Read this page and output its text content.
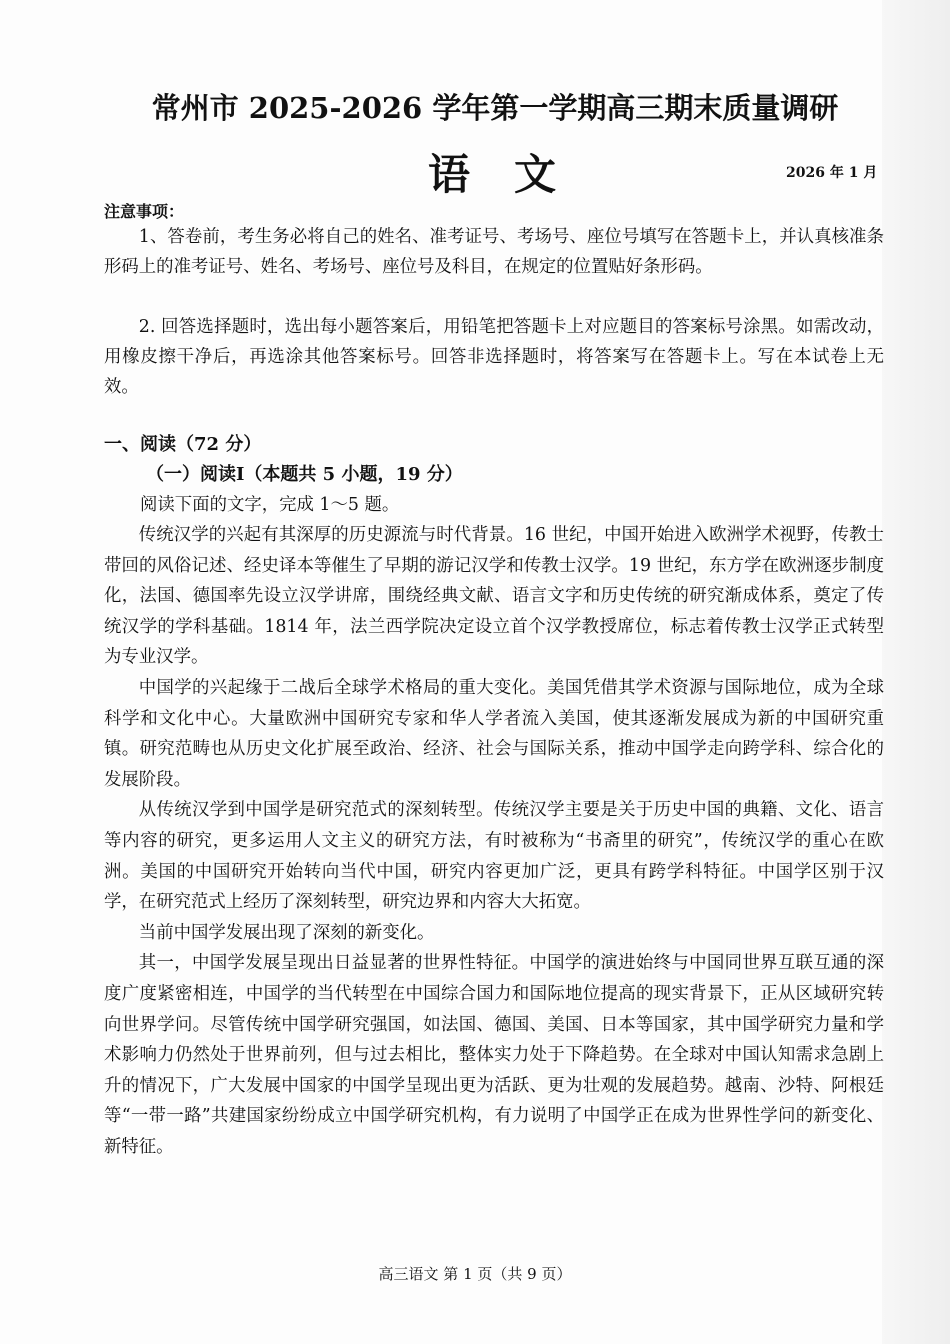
常州市 2025-2026 学年第一学期高三期末质量调研
语文	2026 年 1 月
注意事项：

1、答卷前，考生务必将自己的姓名、准考证号、考场号、座位号填写在答题卡上，并认真核准条形码上的准考证号、姓名、考场号、座位号及科目，在规定的位置贴好条形码。

2. 回答选择题时，选出每小题答案后，用铅笔把答题卡上对应题目的答案标号涂黑。如需改动，用橡皮擦干净后，再选涂其他答案标号。回答非选择题时，将答案写在答题卡上。写在本试卷上无效。

一、阅读（72 分）
（一）阅读Ⅰ（本题共 5 小题，19 分）
阅读下面的文字，完成 1～5 题。

传统汉学的兴起有其深厚的历史源流与时代背景。16 世纪，中国开始进入欧洲学术视野，传教士带回的风俗记述、经史译本等催生了早期的游记汉学和传教士汉学。19 世纪，东方学在欧洲逐步制度化，法国、德国率先设立汉学讲席，围绕经典文献、语言文字和历史传统的研究渐成体系，奠定了传统汉学的学科基础。1814 年，法兰西学院决定设立首个汉学教授席位，标志着传教士汉学正式转型为专业汉学。

中国学的兴起缘于二战后全球学术格局的重大变化。美国凭借其学术资源与国际地位，成为全球科学和文化中心。大量欧洲中国研究专家和华人学者流入美国，使其逐渐发展成为新的中国研究重镇。研究范畴也从历史文化扩展至政治、经济、社会与国际关系，推动中国学走向跨学科、综合化的发展阶段。

从传统汉学到中国学是研究范式的深刻转型。传统汉学主要是关于历史中国的典籍、文化、语言等内容的研究，更多运用人文主义的研究方法，有时被称为“书斋里的研究”，传统汉学的重心在欧洲。美国的中国研究开始转向当代中国，研究内容更加广泛，更具有跨学科特征。中国学区别于汉学，在研究范式上经历了深刻转型，研究边界和内容大大拓宽。

当前中国学发展出现了深刻的新变化。

其一，中国学发展呈现出日益显著的世界性特征。中国学的演进始终与中国同世界互联互通的深度广度紧密相连，中国学的当代转型在中国综合国力和国际地位提高的现实背景下，正从区域研究转向世界学问。尽管传统中国学研究强国，如法国、德国、美国、日本等国家，其中国学研究力量和学术影响力仍然处于世界前列，但与过去相比，整体实力处于下降趋势。在全球对中国认知需求急剧上升的情况下，广大发展中国家的中国学呈现出更为活跃、更为壮观的发展趋势。越南、沙特、阿根廷等“一带一路”共建国家纷纷成立中国学研究机构，有力说明了中国学正在成为世界性学问的新变化、新特征。

高三语文 第 1 页（共 9 页）
